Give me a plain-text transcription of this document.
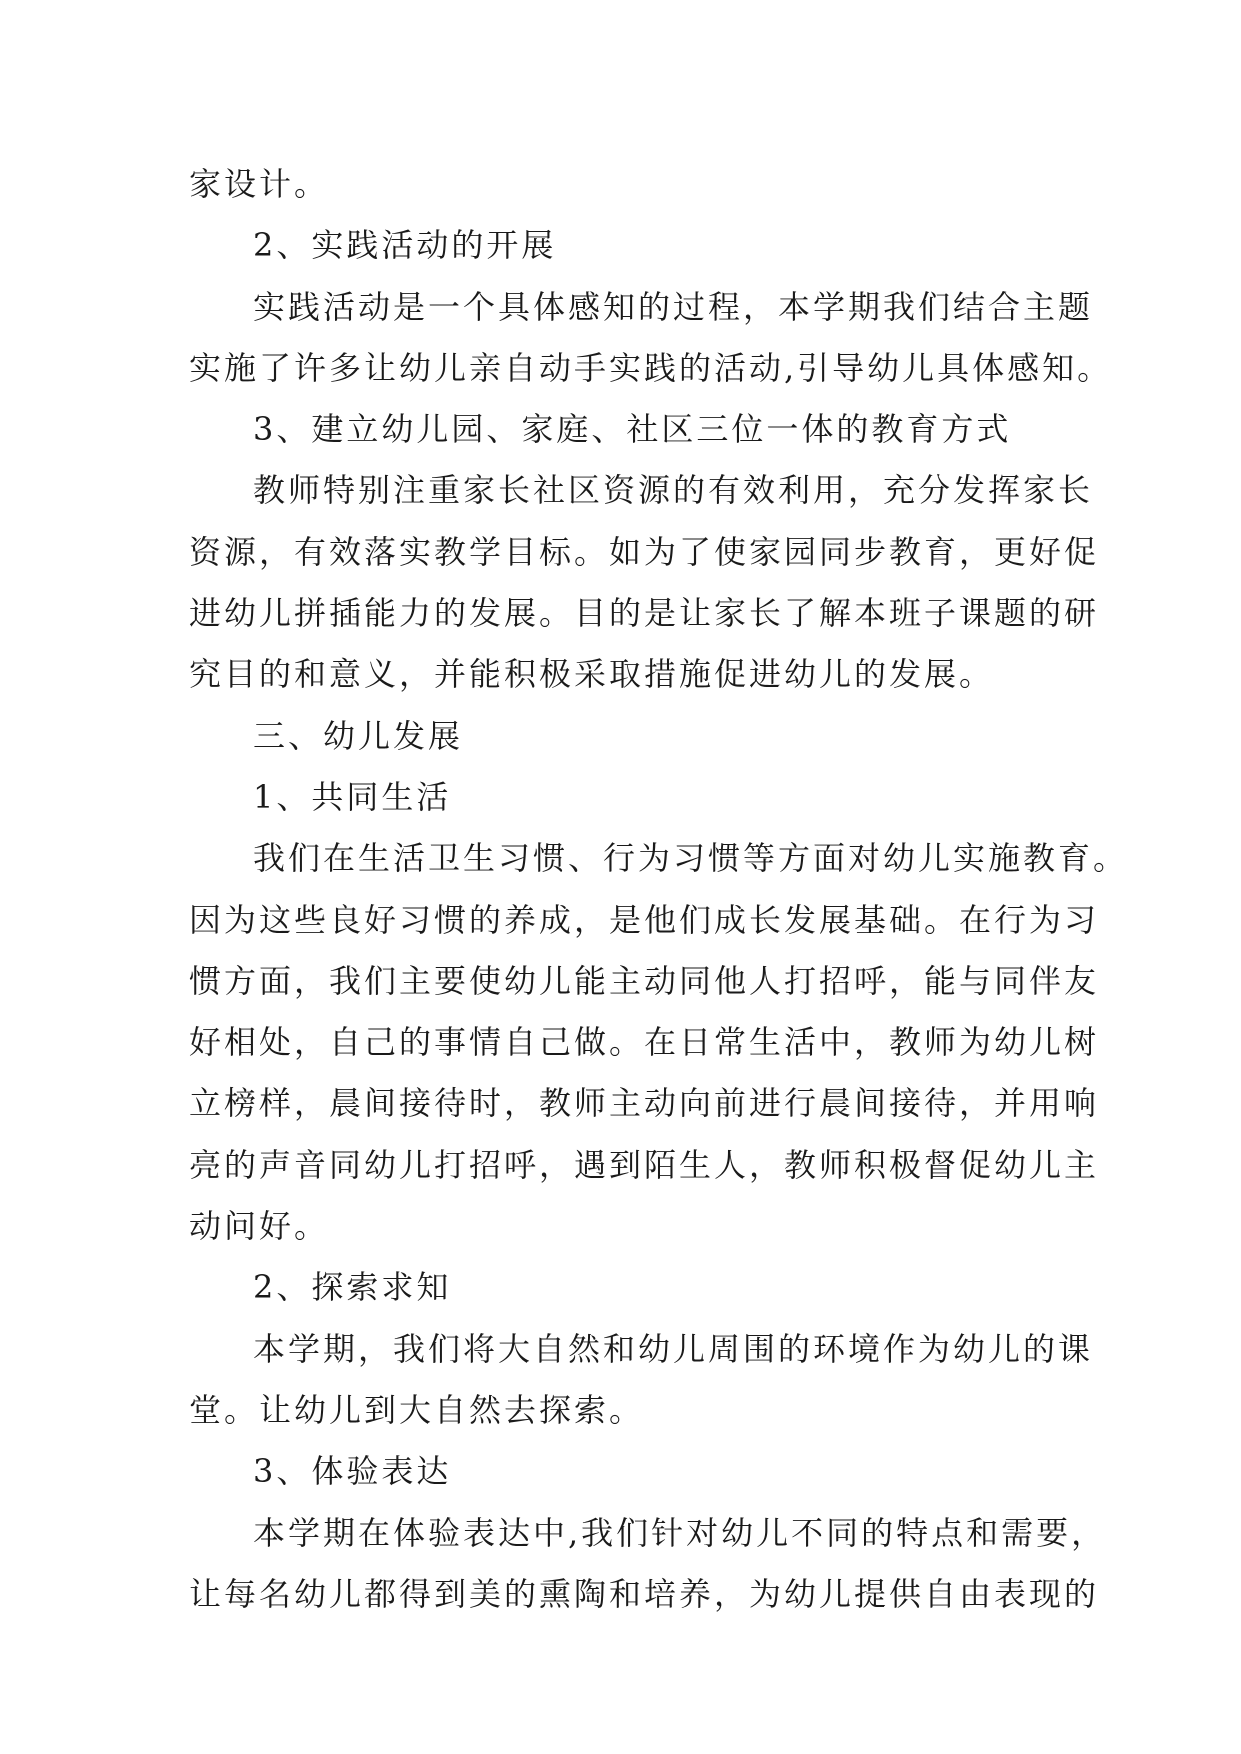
家设计。
2、实践活动的开展
实践活动是一个具体感知的过程，本学期我们结合主题
实施了许多让幼儿亲自动手实践的活动,引导幼儿具体感知。
3、建立幼儿园、家庭、社区三位一体的教育方式
教师特别注重家长社区资源的有效利用，充分发挥家长
资源，有效落实教学目标。如为了使家园同步教育，更好促
进幼儿拼插能力的发展。目的是让家长了解本班子课题的研
究目的和意义，并能积极采取措施促进幼儿的发展。
三、幼儿发展
1、共同生活
我们在生活卫生习惯、行为习惯等方面对幼儿实施教育。
因为这些良好习惯的养成，是他们成长发展基础。在行为习
惯方面，我们主要使幼儿能主动同他人打招呼，能与同伴友
好相处，自己的事情自己做。在日常生活中，教师为幼儿树
立榜样，晨间接待时，教师主动向前进行晨间接待，并用响
亮的声音同幼儿打招呼，遇到陌生人，教师积极督促幼儿主
动问好。
2、探索求知
本学期，我们将大自然和幼儿周围的环境作为幼儿的课
堂。让幼儿到大自然去探索。
3、体验表达
本学期在体验表达中,我们针对幼儿不同的特点和需要，
让每名幼儿都得到美的熏陶和培养，为幼儿提供自由表现的
